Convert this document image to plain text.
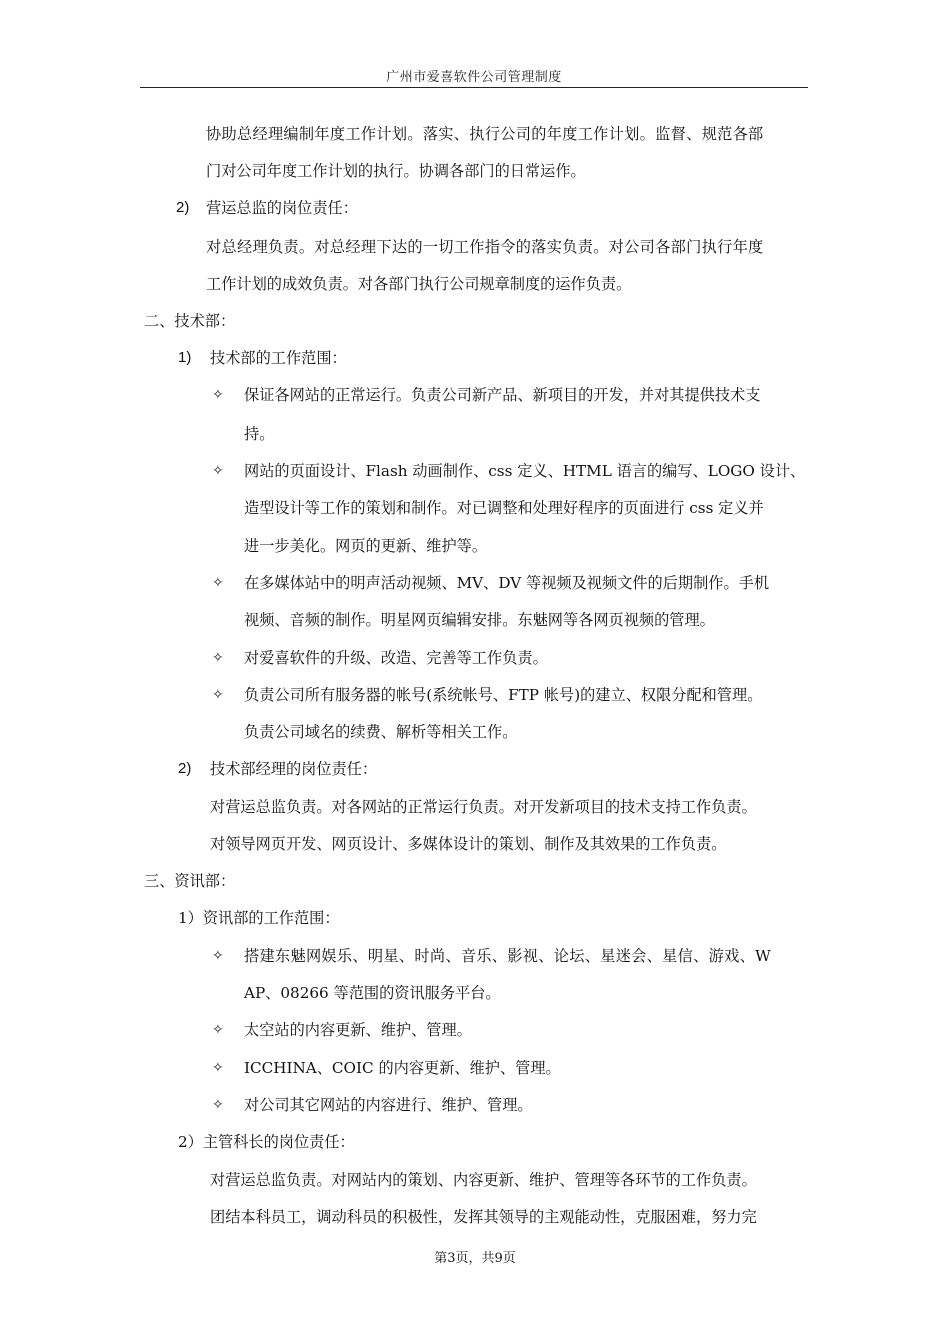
广州市爱喜软件公司管理制度
协助总经理编制年度工作计划。落实、执行公司的年度工作计划。监督、规范各部
门对公司年度工作计划的执行。协调各部门的日常运作。
2) 营运总监的岗位责任：
对总经理负责。对总经理下达的一切工作指令的落实负责。对公司各部门执行年度
工作计划的成效负责。对各部门执行公司规章制度的运作负责。
二、技术部：
1) 技术部的工作范围：
✧ 保证各网站的正常运行。负责公司新产品、新项目的开发，并对其提供技术支
持。
✧ 网站的页面设计、Flash 动画制作、css 定义、HTML 语言的编写、LOGO 设计、
造型设计等工作的策划和制作。对已调整和处理好程序的页面进行 css 定义并
进一步美化。网页的更新、维护等。
✧ 在多媒体站中的明声活动视频、MV、DV 等视频及视频文件的后期制作。手机
视频、音频的制作。明星网页编辑安排。东魅网等各网页视频的管理。
✧ 对爱喜软件的升级、改造、完善等工作负责。
✧ 负责公司所有服务器的帐号(系统帐号、FTP 帐号)的建立、权限分配和管理。
负责公司域名的续费、解析等相关工作。
2) 技术部经理的岗位责任：
对营运总监负责。对各网站的正常运行负责。对开发新项目的技术支持工作负责。
对领导网页开发、网页设计、多媒体设计的策划、制作及其效果的工作负责。
三、资讯部：
1）资讯部的工作范围：
✧ 搭建东魅网娱乐、明星、时尚、音乐、影视、论坛、星迷会、星信、游戏、W
AP、08266 等范围的资讯服务平台。
✧ 太空站的内容更新、维护、管理。
✧ ICCHINA、COIC 的内容更新、维护、管理。
✧ 对公司其它网站的内容进行、维护、管理。
2）主管科长的岗位责任：
对营运总监负责。对网站内的策划、内容更新、维护、管理等各环节的工作负责。
团结本科员工，调动科员的积极性，发挥其领导的主观能动性，克服困难，努力完
第3页，共9页
